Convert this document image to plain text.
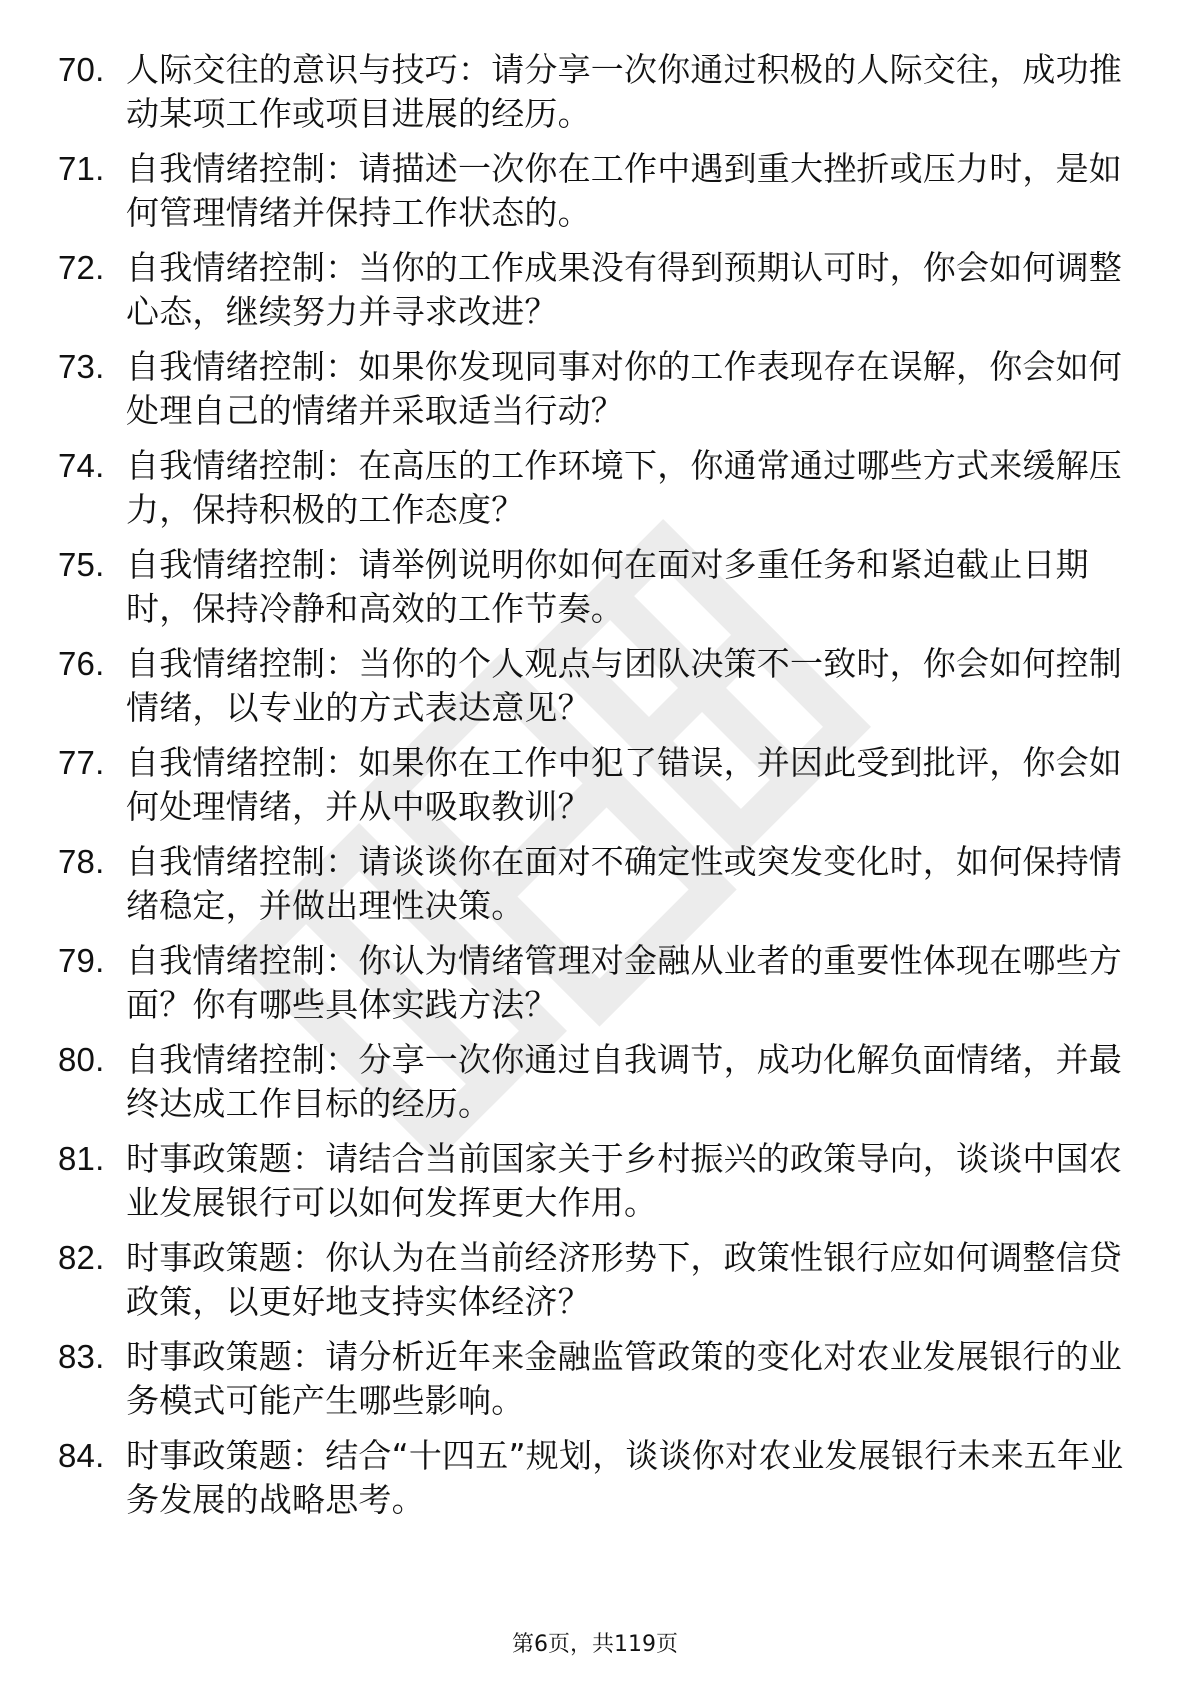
70. 人际交往的意识与技巧：请分享一次你通过积极的人际交往，成功推动某项工作或项目进展的经历。
71. 自我情绪控制：请描述一次你在工作中遇到重大挫折或压力时，是如何管理情绪并保持工作状态的。
72. 自我情绪控制：当你的工作成果没有得到预期认可时，你会如何调整心态，继续努力并寻求改进？
73. 自我情绪控制：如果你发现同事对你的工作表现存在误解，你会如何处理自己的情绪并采取适当行动？
74. 自我情绪控制：在高压的工作环境下，你通常通过哪些方式来缓解压力，保持积极的工作态度？
75. 自我情绪控制：请举例说明你如何在面对多重任务和紧迫截止日期时，保持冷静和高效的工作节奏。
76. 自我情绪控制：当你的个人观点与团队决策不一致时，你会如何控制情绪，以专业的方式表达意见？
77. 自我情绪控制：如果你在工作中犯了错误，并因此受到批评，你会如何处理情绪，并从中吸取教训？
78. 自我情绪控制：请谈谈你在面对不确定性或突发变化时，如何保持情绪稳定，并做出理性决策。
79. 自我情绪控制：你认为情绪管理对金融从业者的重要性体现在哪些方面？你有哪些具体实践方法？
80. 自我情绪控制：分享一次你通过自我调节，成功化解负面情绪，并最终达成工作目标的经历。
81. 时事政策题：请结合当前国家关于乡村振兴的政策导向，谈谈中国农业发展银行可以如何发挥更大作用。
82. 时事政策题：你认为在当前经济形势下，政策性银行应如何调整信贷政策，以更好地支持实体经济？
83. 时事政策题：请分析近年来金融监管政策的变化对农业发展银行的业务模式可能产生哪些影响。
84. 时事政策题：结合“十四五”规划，谈谈你对农业发展银行未来五年业务发展的战略思考。
第6页，共119页
